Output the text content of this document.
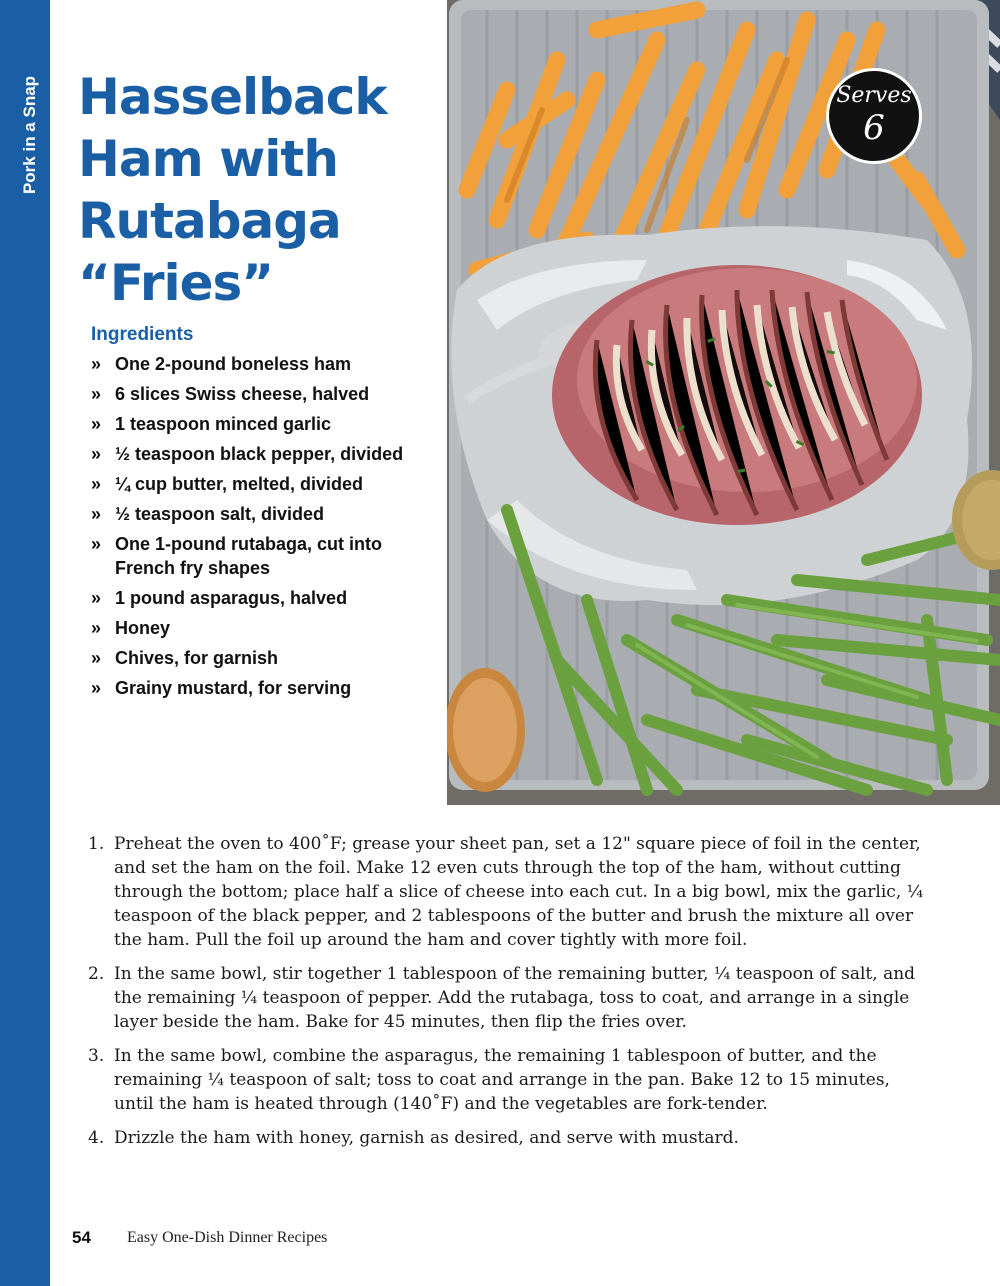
Pork in a Snap Hasselback
Ham with
Rutabaga
“Fries”
Ingredients
» One 2-pound boneless ham
» 6 slices Swiss cheese, halved
» 1 teaspoon minced garlic
» ½ teaspoon black pepper, divided
» ¼ cup butter, melted, divided
» ½ teaspoon salt, divided
» One 1-pound rutabaga, cut into French fry shapes
» 1 pound asparagus, halved
» Honey
» Chives, for garnish
» Grainy mustard, for serving
Serves
6
1. Preheat the oven to 400˚F; grease your sheet pan, set a 12" square piece of foil in the center, and set the ham on the foil. Make 12 even cuts through the top of the ham, without cutting through the bottom; place half a slice of cheese into each cut. In a big bowl, mix the garlic, ¼ teaspoon of the black pepper, and 2 tablespoons of the butter and brush the mixture all over the ham. Pull the foil up around the ham and cover tightly with more foil.
2. In the same bowl, stir together 1 tablespoon of the remaining butter, ¼ teaspoon of salt, and the remaining ¼ teaspoon of pepper. Add the rutabaga, toss to coat, and arrange in a single layer beside the ham. Bake for 45 minutes, then flip the fries over.
3. In the same bowl, combine the asparagus, the remaining 1 tablespoon of butter, and the remaining ¼ teaspoon of salt; toss to coat and arrange in the pan. Bake 12 to 15 minutes, until the ham is heated through (140˚F) and the vegetables are fork-tender.
4. Drizzle the ham with honey, garnish as desired, and serve with mustard.
54 Easy One-Dish Dinner Recipes
